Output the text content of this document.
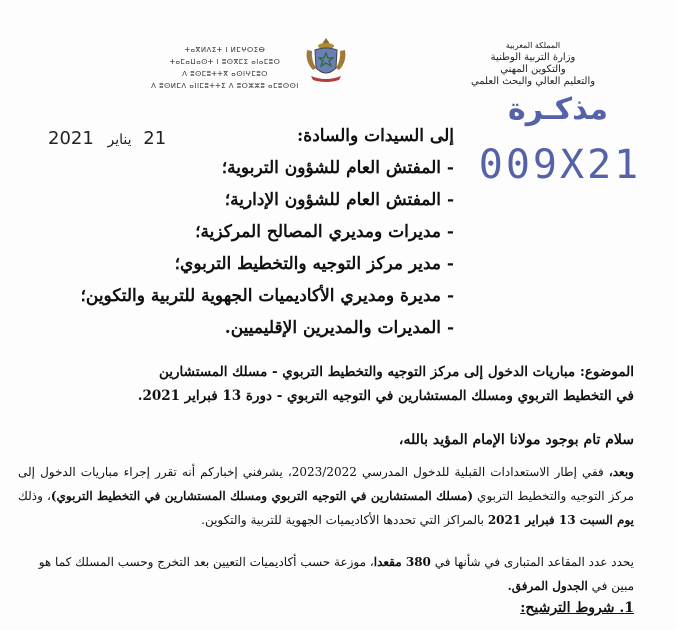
المملكة المغربية
وزارة التربية الوطنية
والتكوين المهني
والتعليم العالي والبحث العلمي
ⵜⴰⴳⵍⴷⵉⵜ ⵏ ⵍⵎⵖⵔⵉⴱ
ⵜⴰⵎⴰⵡⴰⵙⵜ ⵏ ⵓⵙⴳⵎⵉ ⴰⵏⴰⵎⵓⵔ
ⴷ ⵓⵙⵎⵓⵜⵜⴳ ⴰⵙⵏⵖⵎⵓⵔ
ⴷ ⵓⵙⵍⵎⴷ ⴰⵏⵏⵎⵓⵜⵜⵉ ⴷ ⵓⵔⵣⵣⵓ ⴰⵎⵓⵙⵙⵏ
مذكـرة
009X21
2021 يناير 21	إلى السيدات والسادة:
- المفتش العام للشؤون التربوية؛
- المفتش العام للشؤون الإدارية؛
- مديرات ومديري المصالح المركزية؛
- مدير مركز التوجيه والتخطيط التربوي؛
- مديرة ومديري الأكاديميات الجهوية للتربية والتكوين؛
- المديرات والمديرين الإقليميين.
الموضوع: مباريات الدخول إلى مركز التوجيه والتخطيط التربوي - مسلك المستشارين
في التخطيط التربوي ومسلك المستشارين في التوجيه التربوي - دورة 13 فبراير 2021.
سلام تام بوجود مولانا الإمام المؤيد بالله،
وبعد، ففي إطار الاستعدادات القبلية للدخول المدرسي 2023/2022، يشرفني إخباركم أنه تقرر إجراء مباريات الدخول إلى مركز التوجيه والتخطيط التربوي (مسلك المستشارين في التوجيه التربوي ومسلك المستشارين في التخطيط التربوي)، وذلك يوم السبت 13 فبراير 2021 بالمراكز التي تحددها الأكاديميات الجهوية للتربية والتكوين.
يحدد عدد المقاعد المتبارى في شأنها في 380 مقعدا، موزعة حسب أكاديميات التعيين بعد التخرج وحسب المسلك كما هو مبين في الجدول المرفق.
1. شروط الترشيح:
